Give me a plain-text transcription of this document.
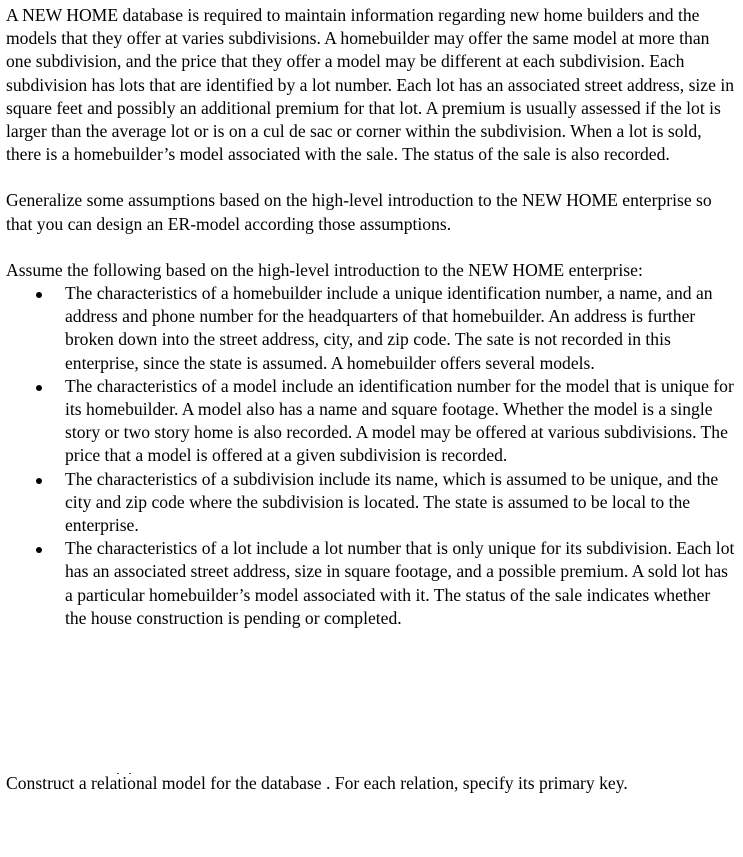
A NEW HOME database is required to maintain information regarding new home builders and the models that they offer at varies subdivisions. A homebuilder may offer the same model at more than one subdivision, and the price that they offer a model may be different at each subdivision. Each subdivision has lots that are identified by a lot number. Each lot has an associated street address, size in square feet and possibly an additional premium for that lot. A premium is usually assessed if the lot is larger than the average lot or is on a cul de sac or corner within the subdivision. When a lot is sold, there is a homebuilder’s model associated with the sale. The status of the sale is also recorded.

Generalize some assumptions based on the high-level introduction to the NEW HOME enterprise so that you can design an ER-model according those assumptions.

Assume the following based on the high-level introduction to the NEW HOME enterprise:

The characteristics of a homebuilder include a unique identification number, a name, and an address and phone number for the headquarters of that homebuilder. An address is further broken down into the street address, city, and zip code. The sate is not recorded in this enterprise, since the state is assumed. A homebuilder offers several models.
The characteristics of a model include an identification number for the model that is unique for its homebuilder. A model also has a name and square footage. Whether the model is a single story or two story home is also recorded. A model may be offered at various subdivisions. The price that a model is offered at a given subdivision is recorded.
The characteristics of a subdivision include its name, which is assumed to be unique, and the city and zip code where the subdivision is located. The state is assumed to be local to the enterprise.
The characteristics of a lot include a lot number that is only unique for its subdivision. Each lot has an associated street address, size in square footage, and a possible premium. A sold lot has a particular homebuilder’s model associated with it. The status of the sale indicates whether the house construction is pending or completed.

Construct a relational model for the database . For each relation, specify its primary key.
